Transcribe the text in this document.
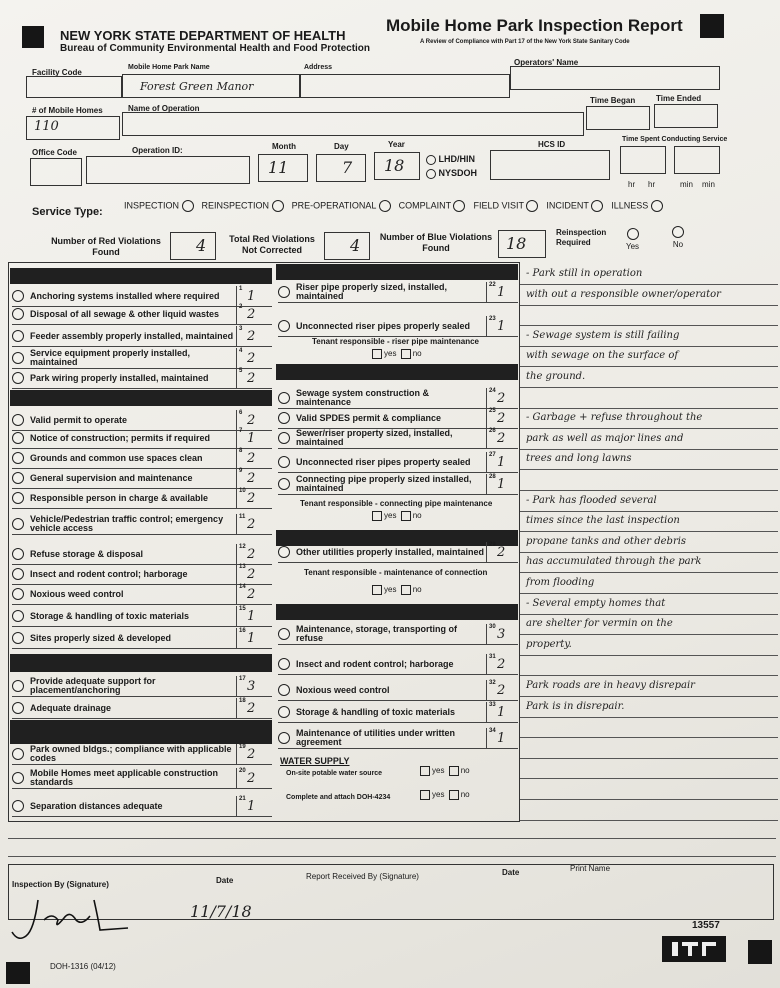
NEW YORK STATE DEPARTMENT OF HEALTH
Bureau of Community Environmental Health and Food Protection
Mobile Home Park Inspection Report
A Review of Compliance with Part 17 of the New York State Sanitary Code
Facility Code
Mobile Home Park Name
Forest Green Manor
Address
Operators' Name
# of Mobile Homes
110
Name of Operation
Time Began	Time Ended
Office Code	Operation ID:	Month
11
Day
7
Year
18	LHD/HIN
NYSDOH
HCS ID
Time Spent Conducting Service
hr hr	min min
Service Type:
INSPECTION	REINSPECTION	PRE-OPERATIONAL	COMPLAINT	FIELD VISIT	INCIDENT	ILLNESS
Number of Red Violations Found	4	Total Red Violations Not Corrected	4	Number of Blue Violations Found	18
Reinspection Required	Yes	No
Anchoring systems installed where required
1 1
Disposal of all sewage & other liquid wastes
2 2
Feeder assembly properly installed, maintained
3 2
Service equipment properly installed, maintained
4 2
Park wiring properly installed, maintained
5 2
Valid permit to operate
6 2
Notice of construction; permits if required
7 1
Grounds and common use spaces clean
8 2
General supervision and maintenance
9 2
Responsible person in charge & available
10 2
Vehicle/Pedestrian traffic control; emergency vehicle access
11 2
Refuse storage & disposal
12 2
Insect and rodent control; harborage
13 2
Noxious weed control
14 2
Storage & handling of toxic materials
15 1
Sites properly sized & developed
16 1
Provide adequate support for placement/anchoring
17 3
Adequate drainage
18 2
Park owned bldgs.; compliance with applicable codes
19 2
Mobile Homes meet applicable construction standards
20 2
Separation distances adequate
21 1
Riser pipe properly sized, installed, maintained
22 1
Unconnected riser pipes properly sealed
23 1
Sewage system construction & maintenance
24 2
Valid SPDES permit & compliance
25 2
Sewer/riser property sized, installed, maintained
26 2
Unconnected riser pipes property sealed
27 1
Connecting pipe properly sized installed, maintained
28 1
Other utilities properly installed, maintained
29 2
Maintenance, storage, transporting of refuse
30 3
Insect and rodent control; harborage
31 2
Noxious weed control
32 2
Storage & handling of toxic materials
33 1
Maintenance of utilities under written agreement
34 1
Tenant responsible - riser pipe maintenance
yes no
Tenant responsible - connecting pipe maintenance
yes no
Tenant responsible - maintenance of connection
yes no
WATER SUPPLY
On-site potable water source	yes no
Complete and attach DOH-4234	yes no
- Park still in operation
with out a responsible owner/operator
- Sewage system is still failing
with sewage on the surface of
the ground.
- Garbage + refuse throughout the
park as well as major lines and
trees and long lawns
- Park has flooded several
times since the last inspection
propane tanks and other debris
has accumulated through the park
from flooding
- Several empty homes that
are shelter for vermin on the
property.
Park roads are in heavy disrepair
Park is in disrepair.
Inspection By (Signature)	Date
11/7/18
Report Received By (Signature)	Date	Print Name
DOH-1316 (04/12)
13557
